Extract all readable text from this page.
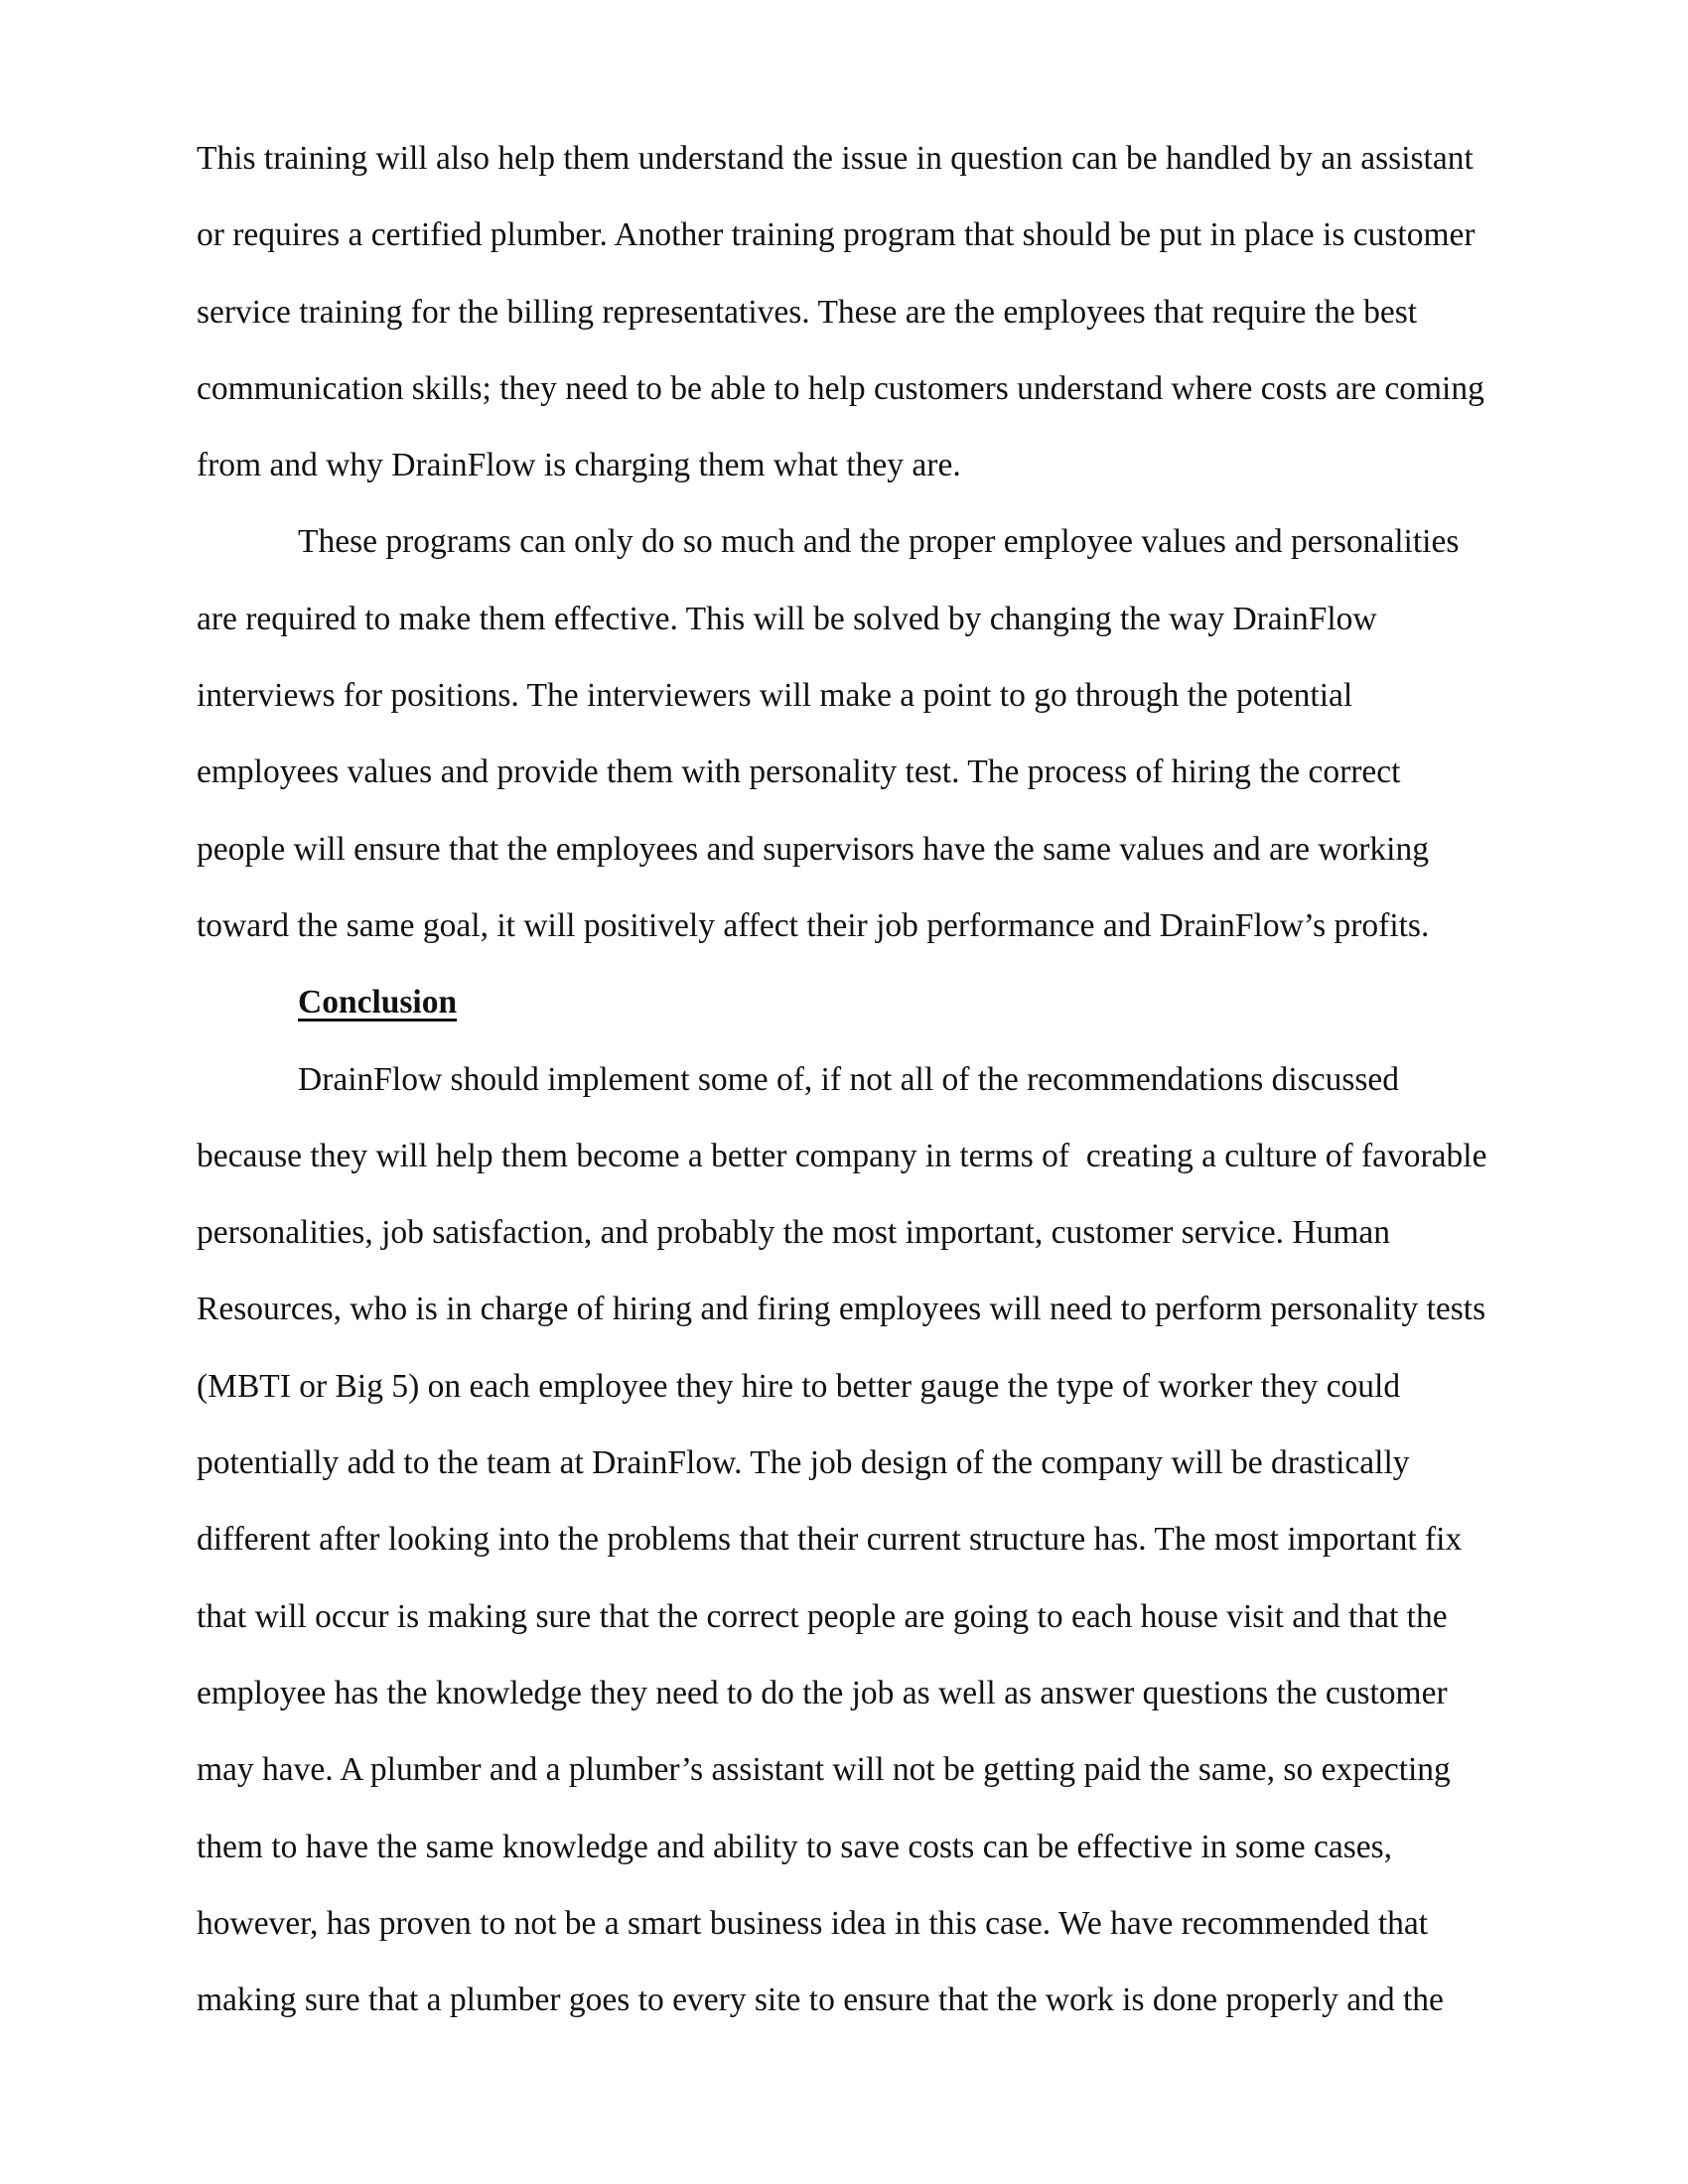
This training will also help them understand the issue in question can be handled by an assistant
or requires a certified plumber. Another training program that should be put in place is customer
service training for the billing representatives. These are the employees that require the best
communication skills; they need to be able to help customers understand where costs are coming
from and why DrainFlow is charging them what they are.
These programs can only do so much and the proper employee values and personalities
are required to make them effective. This will be solved by changing the way DrainFlow
interviews for positions. The interviewers will make a point to go through the potential
employees values and provide them with personality test. The process of hiring the correct
people will ensure that the employees and supervisors have the same values and are working
toward the same goal, it will positively affect their job performance and DrainFlow’s profits.
Conclusion
DrainFlow should implement some of, if not all of the recommendations discussed
because they will help them become a better company in terms of  creating a culture of favorable
personalities, job satisfaction, and probably the most important, customer service. Human
Resources, who is in charge of hiring and firing employees will need to perform personality tests
(MBTI or Big 5) on each employee they hire to better gauge the type of worker they could
potentially add to the team at DrainFlow. The job design of the company will be drastically
different after looking into the problems that their current structure has. The most important fix
that will occur is making sure that the correct people are going to each house visit and that the
employee has the knowledge they need to do the job as well as answer questions the customer
may have. A plumber and a plumber’s assistant will not be getting paid the same, so expecting
them to have the same knowledge and ability to save costs can be effective in some cases,
however, has proven to not be a smart business idea in this case. We have recommended that
making sure that a plumber goes to every site to ensure that the work is done properly and the
